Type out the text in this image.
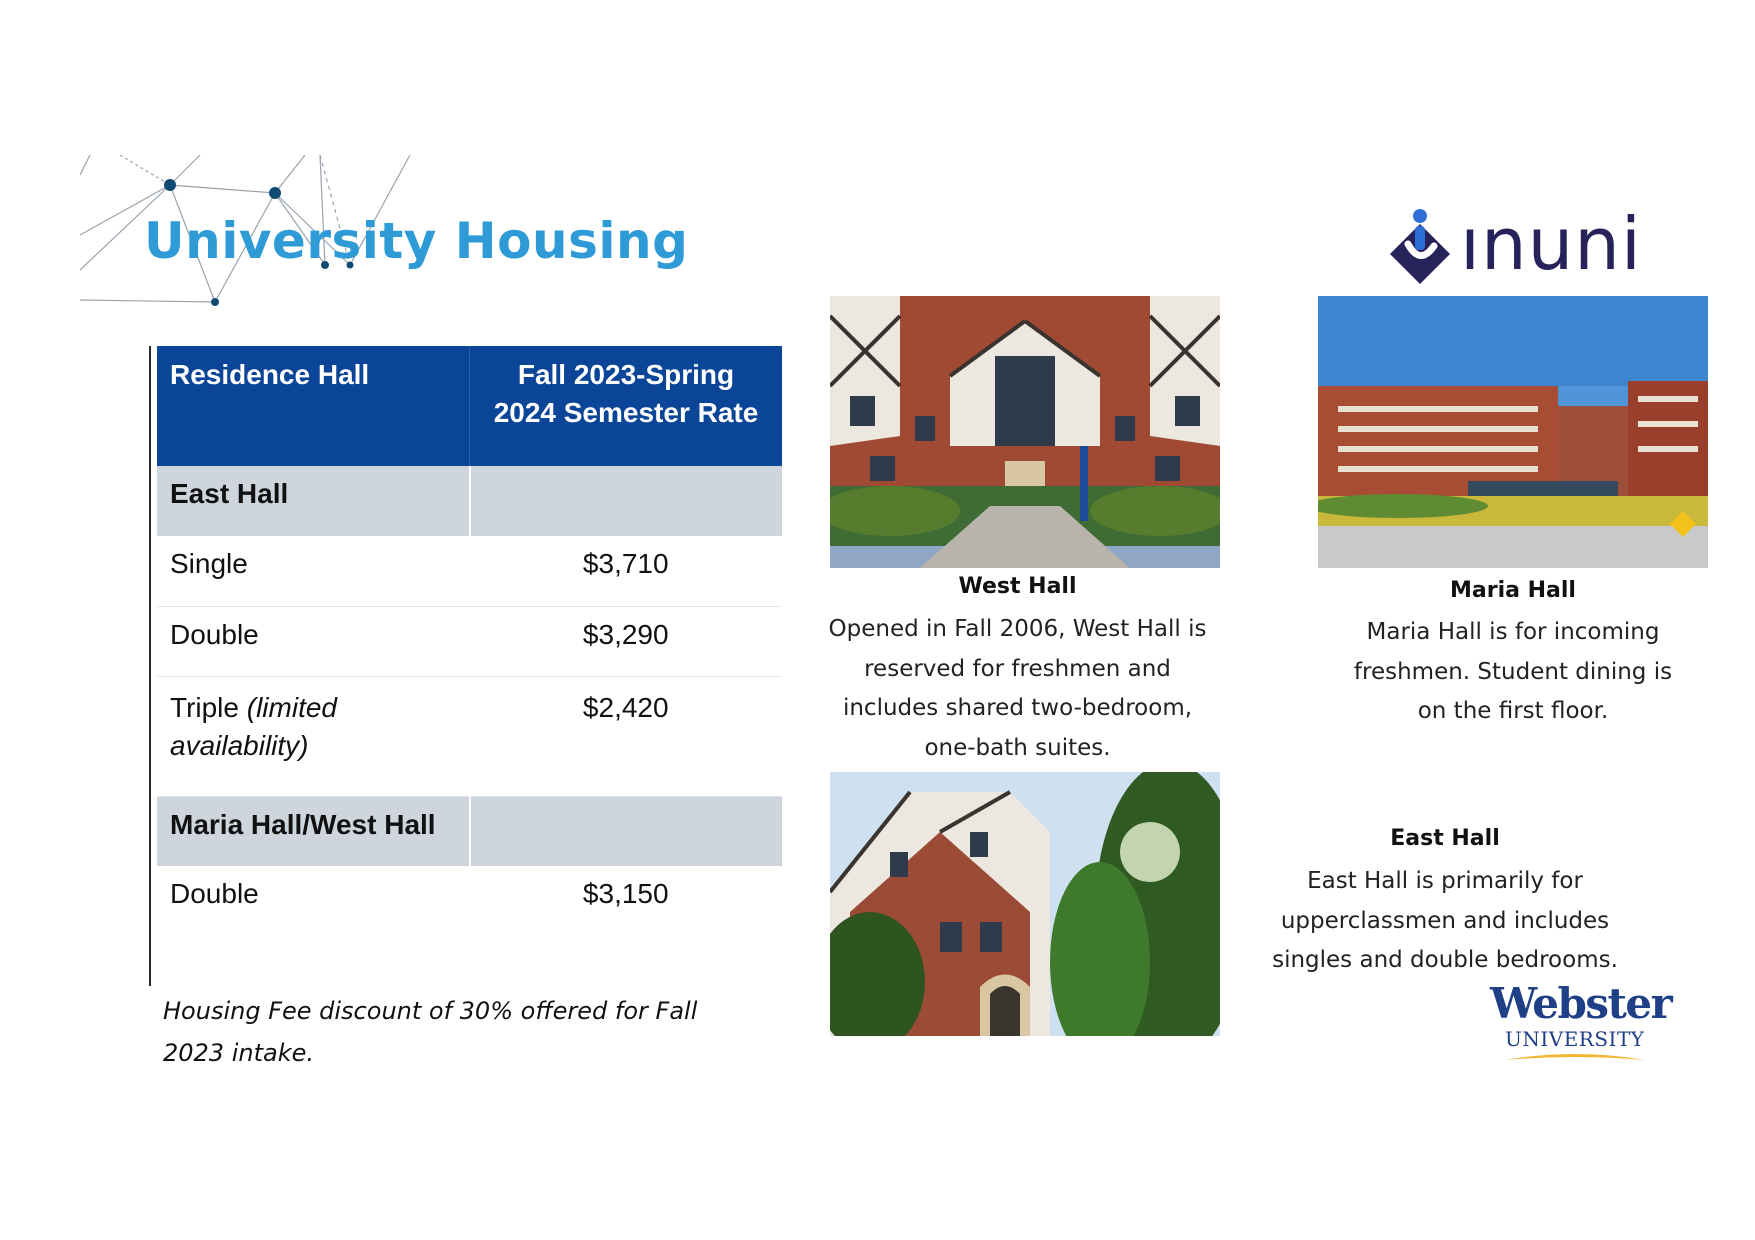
University Housing
Residence Hall	Fall 2023-Spring 2024 Semester Rate
East Hall	
Single	$3,710
Double	$3,290
Triple (limited availability)	$2,420
Maria Hall/West Hall	
Double	$3,150
Housing Fee discount of 30% offered for Fall 2023 intake.
West Hall
Opened in Fall 2006, West Hall is reserved for freshmen and includes shared two-bedroom, one-bath suites.
Maria Hall
Maria Hall is for incoming freshmen. Student dining is on the first floor.
East Hall
East Hall is primarily for upperclassmen and includes singles and double bedrooms.
ınuni
Webster
UNIVERSITY
